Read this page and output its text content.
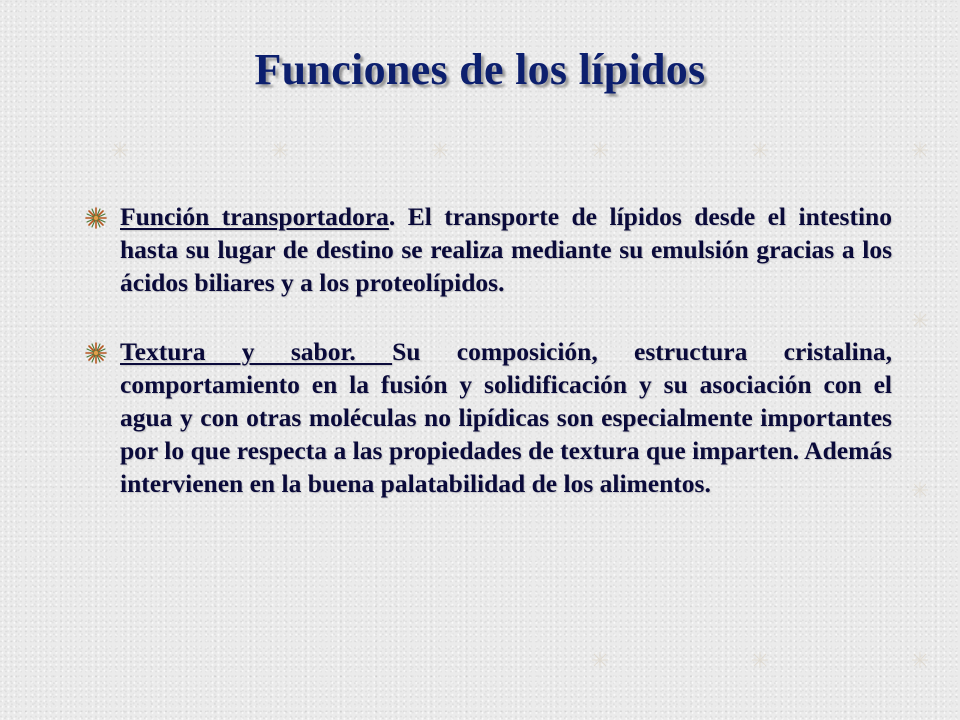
Funciones de los lípidos

Función transportadora. El transporte de lípidos desde el intestino hasta su lugar de destino se realiza mediante su emulsión gracias a los ácidos biliares y a los proteolípidos.

Textura y sabor. Su composición, estructura cristalina, comportamiento en la fusión y solidificación y su asociación con el agua y con otras moléculas no lipídicas son especialmente importantes por lo que respecta a las propiedades de textura que imparten. Además intervienen en la buena palatabilidad de los alimentos.
